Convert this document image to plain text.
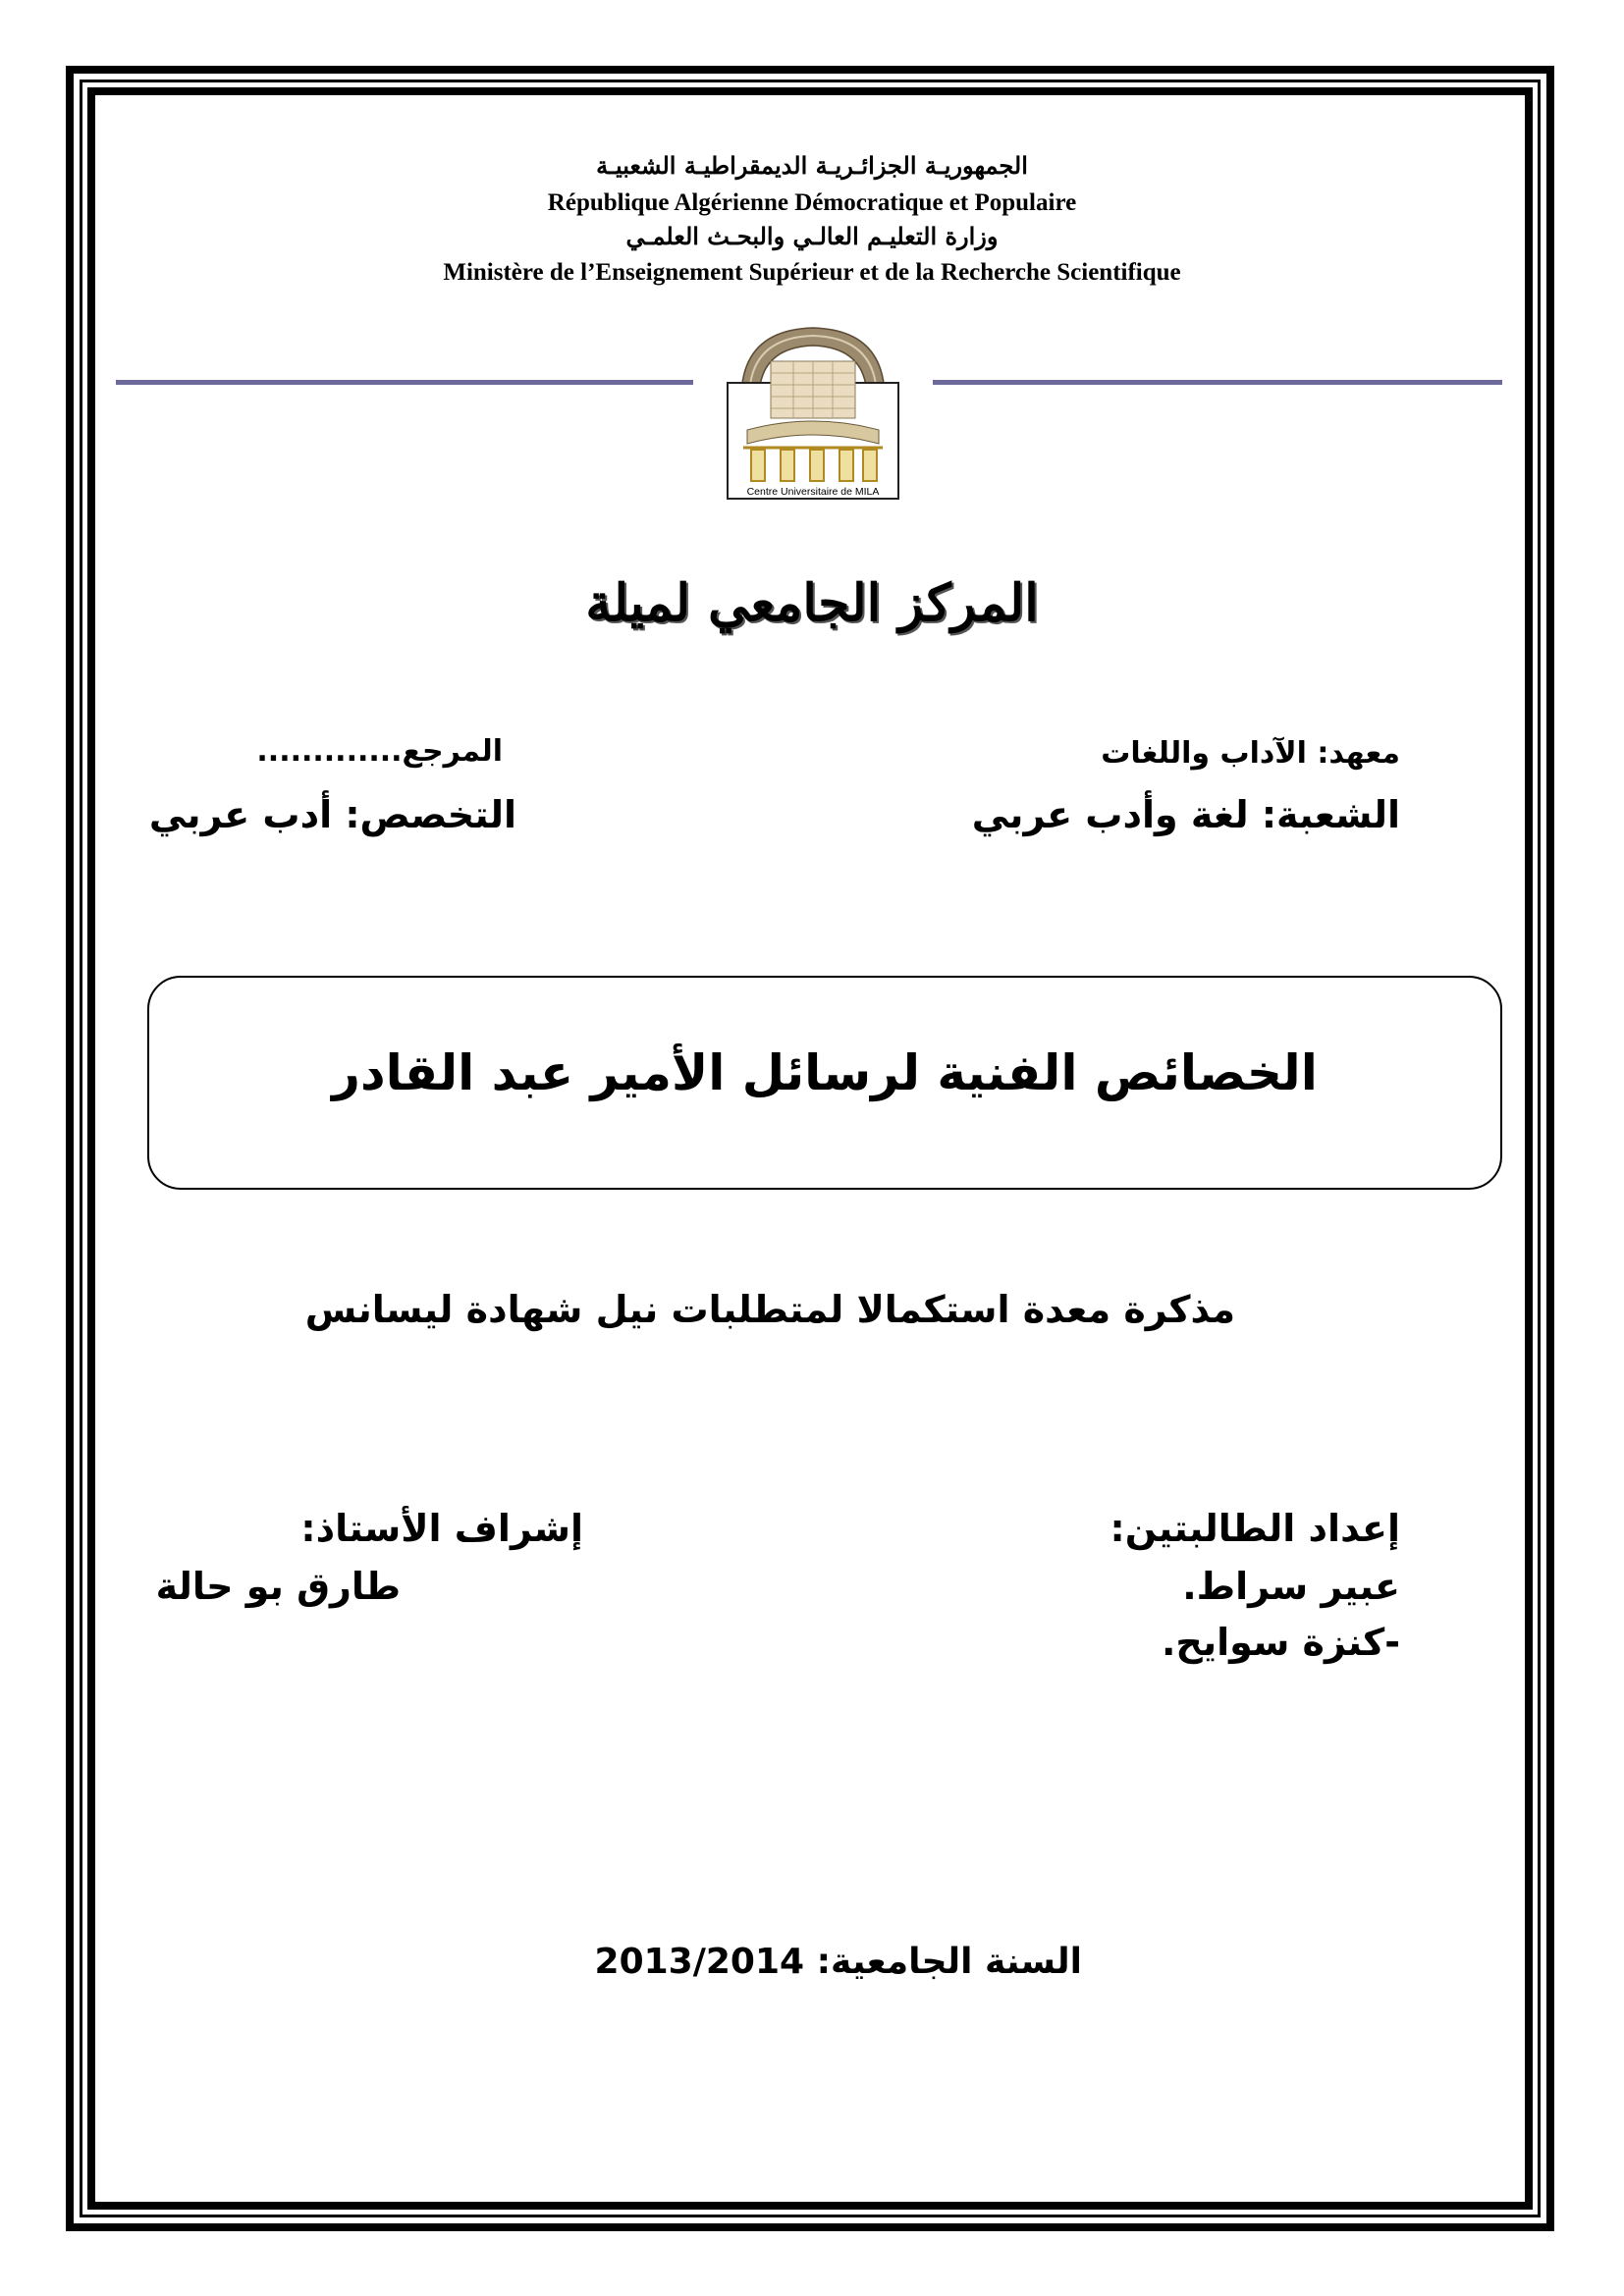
الجمهوريـة الجزائـريـة الديمقراطيـة الشعبيـة
République Algérienne Démocratique et Populaire
وزارة التعليـم العالـي والبحـث العلمـي
Ministère de l’Enseignement Supérieur et de la Recherche Scientifique
Centre Universitaire de MILA
المركز الجامعي لميلة
معهد: الآداب واللغات
المرجع.............
الشعبة: لغة وأدب عربي
التخصص: أدب عربي
الخصائص الفنية لرسائل الأمير عبد القادر
مذكرة معدة استكمالا لمتطلبات نيل شهادة ليسانس
إعداد الطالبتين:
عبير سراط.
-كنزة سوايح.
إشراف الأستاذ:
طارق بو حالة
السنة الجامعية: 2013/2014
